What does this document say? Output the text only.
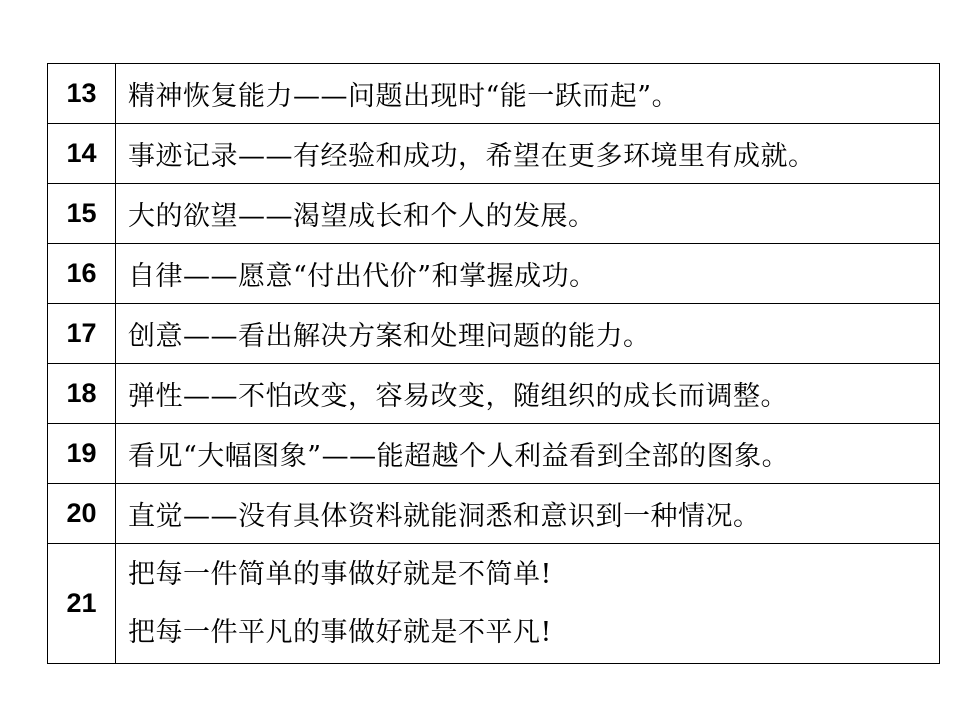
13	精神恢复能力——问题出现时“能一跃而起”。
14	事迹记录——有经验和成功，希望在更多环境里有成就。
15	大的欲望——渴望成长和个人的发展。
16	自律——愿意“付出代价”和掌握成功。
17	创意——看出解决方案和处理问题的能力。
18	弹性——不怕改变，容易改变，随组织的成长而调整。
19	看见“大幅图象”——能超越个人利益看到全部的图象。
20	直觉——没有具体资料就能洞悉和意识到一种情况。
21	把每一件简单的事做好就是不简单!
把每一件平凡的事做好就是不平凡!
